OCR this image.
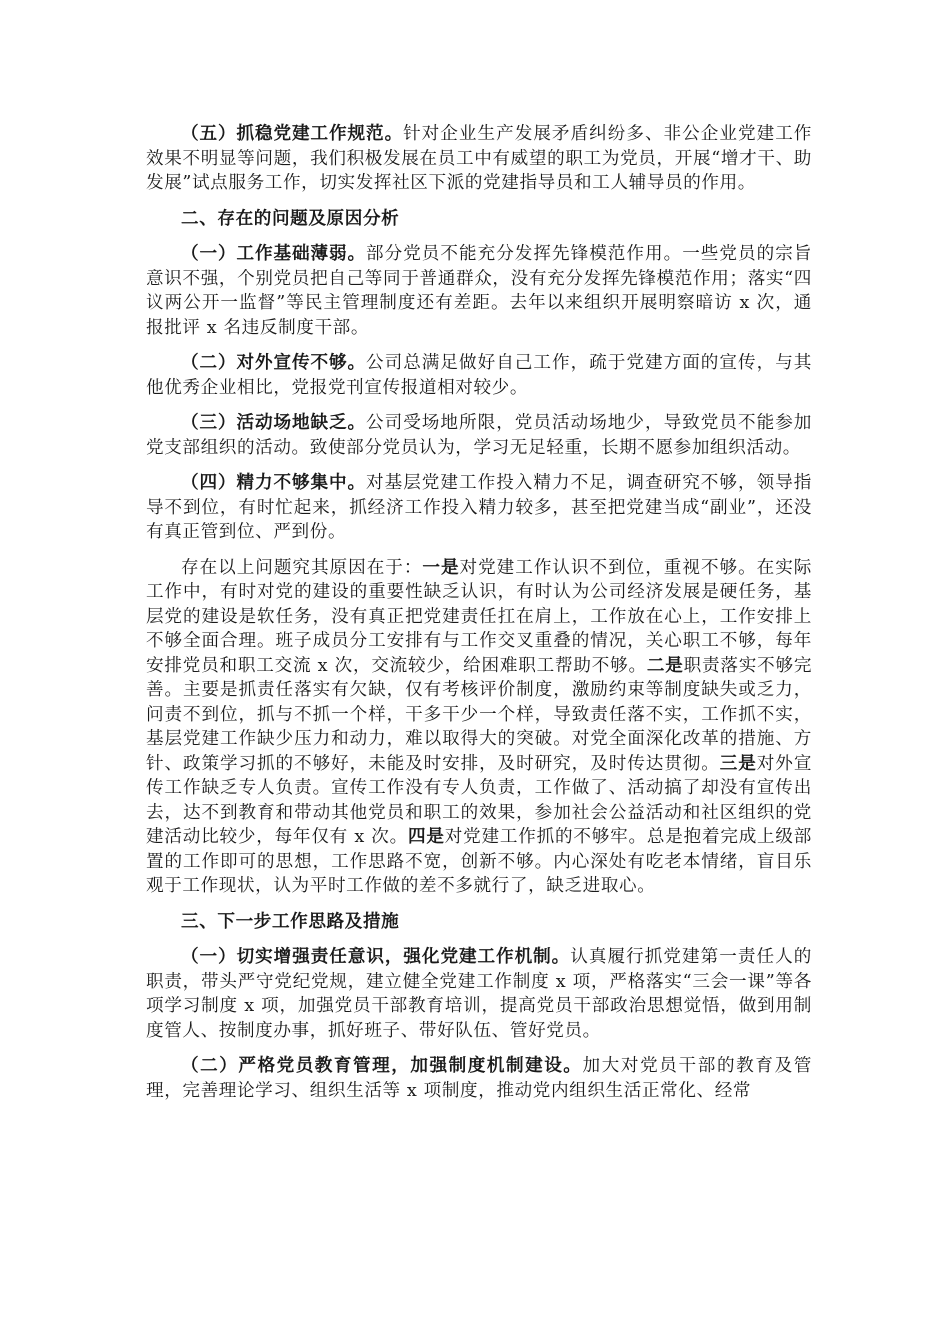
（五）抓稳党建工作规范。针对企业生产发展矛盾纠纷多、非公企业党建工作效果不明显等问题，我们积极发展在员工中有威望的职工为党员，开展“增才干、助发展”试点服务工作，切实发挥社区下派的党建指导员和工人辅导员的作用。

二、存在的问题及原因分析

（一）工作基础薄弱。部分党员不能充分发挥先锋模范作用。一些党员的宗旨意识不强，个别党员把自己等同于普通群众，没有充分发挥先锋模范作用；落实“四议两公开一监督”等民主管理制度还有差距。去年以来组织开展明察暗访 x 次，通报批评 x 名违反制度干部。

（二）对外宣传不够。公司总满足做好自己工作，疏于党建方面的宣传，与其他优秀企业相比，党报党刊宣传报道相对较少。

（三）活动场地缺乏。公司受场地所限，党员活动场地少，导致党员不能参加党支部组织的活动。致使部分党员认为，学习无足轻重，长期不愿参加组织活动。

（四）精力不够集中。对基层党建工作投入精力不足，调查研究不够，领导指导不到位，有时忙起来，抓经济工作投入精力较多，甚至把党建当成“副业”，还没有真正管到位、严到份。

存在以上问题究其原因在于：一是对党建工作认识不到位，重视不够。在实际工作中，有时对党的建设的重要性缺乏认识，有时认为公司经济发展是硬任务，基层党的建设是软任务，没有真正把党建责任扛在肩上，工作放在心上，工作安排上不够全面合理。班子成员分工安排有与工作交叉重叠的情况，关心职工不够，每年安排党员和职工交流 x 次，交流较少，给困难职工帮助不够。二是职责落实不够完善。主要是抓责任落实有欠缺，仅有考核评价制度，激励约束等制度缺失或乏力，问责不到位，抓与不抓一个样，干多干少一个样，导致责任落不实，工作抓不实，基层党建工作缺少压力和动力，难以取得大的突破。对党全面深化改革的措施、方针、政策学习抓的不够好，未能及时安排，及时研究，及时传达贯彻。三是对外宣传工作缺乏专人负责。宣传工作没有专人负责，工作做了、活动搞了却没有宣传出去，达不到教育和带动其他党员和职工的效果，参加社会公益活动和社区组织的党建活动比较少，每年仅有 x 次。四是对党建工作抓的不够牢。总是抱着完成上级部置的工作即可的思想，工作思路不宽，创新不够。内心深处有吃老本情绪，盲目乐观于工作现状，认为平时工作做的差不多就行了，缺乏进取心。

三、下一步工作思路及措施

（一）切实增强责任意识，强化党建工作机制。认真履行抓党建第一责任人的职责，带头严守党纪党规，建立健全党建工作制度 x 项，严格落实“三会一课”等各项学习制度 x 项，加强党员干部教育培训，提高党员干部政治思想觉悟，做到用制度管人、按制度办事，抓好班子、带好队伍、管好党员。

（二）严格党员教育管理，加强制度机制建设。加大对党员干部的教育及管理，完善理论学习、组织生活等 x 项制度，推动党内组织生活正常化、经常
